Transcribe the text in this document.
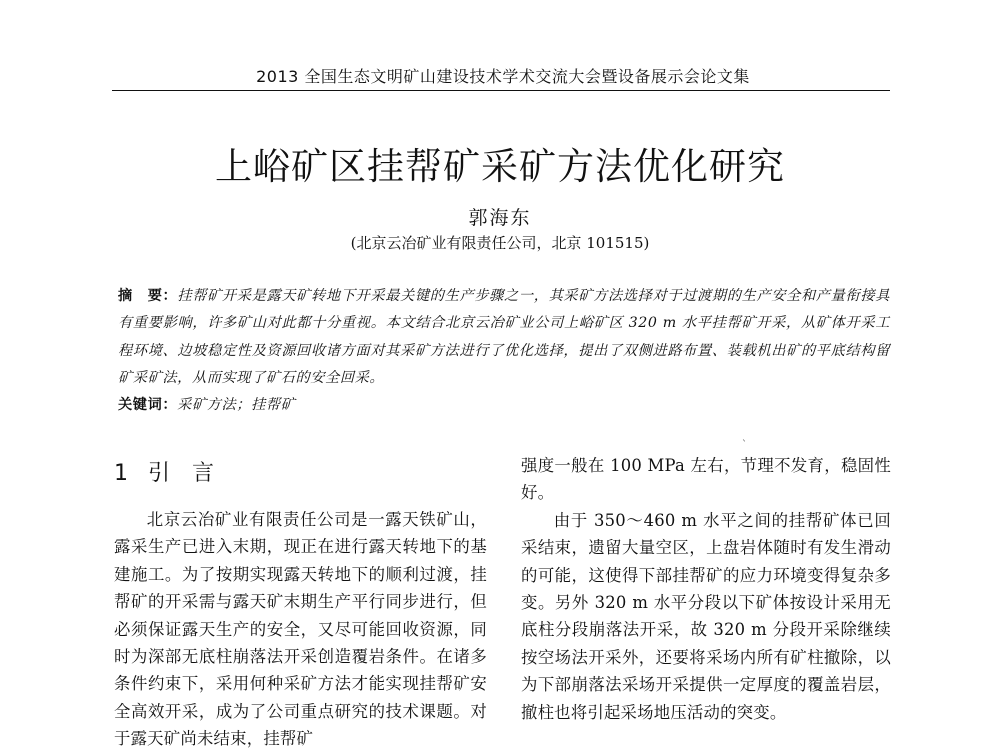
2013 全国生态文明矿山建设技术学术交流大会暨设备展示会论文集
上峪矿区挂帮矿采矿方法优化研究
郭海东
(北京云冶矿业有限责任公司，北京 101515)

摘　要：挂帮矿开采是露天矿转地下开采最关键的生产步骤之一，其采矿方法选择对于过渡期的生产安全和产量衔接具有重要影响，许多矿山对此都十分重视。本文结合北京云冶矿业公司上峪矿区 320 m 水平挂帮矿开采，从矿体开采工程环境、边坡稳定性及资源回收诸方面对其采矿方法进行了优化选择，提出了双侧进路布置、装载机出矿的平底结构留矿采矿法，从而实现了矿石的安全回采。

关键词：采矿方法；挂帮矿

ˋ
1 引言

北京云冶矿业有限责任公司是一露天铁矿山，露采生产已进入末期，现正在进行露天转地下的基建施工。为了按期实现露天转地下的顺利过渡，挂帮矿的开采需与露天矿末期生产平行同步进行，但必须保证露天生产的安全，又尽可能回收资源，同时为深部无底柱崩落法开采创造覆岩条件。在诸多条件约束下，采用何种采矿方法才能实现挂帮矿安全高效开采，成为了公司重点研究的技术课题。对于露天矿尚未结束，挂帮矿

强度一般在 100 MPa 左右，节理不发育，稳固性好。

由于 350～460 m 水平之间的挂帮矿体已回采结束，遗留大量空区，上盘岩体随时有发生滑动的可能，这使得下部挂帮矿的应力环境变得复杂多变。另外 320 m 水平分段以下矿体按设计采用无底柱分段崩落法开采，故 320 m 分段开采除继续按空场法开采外，还要将采场内所有矿柱撤除，以为下部崩落法采场开采提供一定厚度的覆盖岩层，撤柱也将引起采场地压活动的突变。
